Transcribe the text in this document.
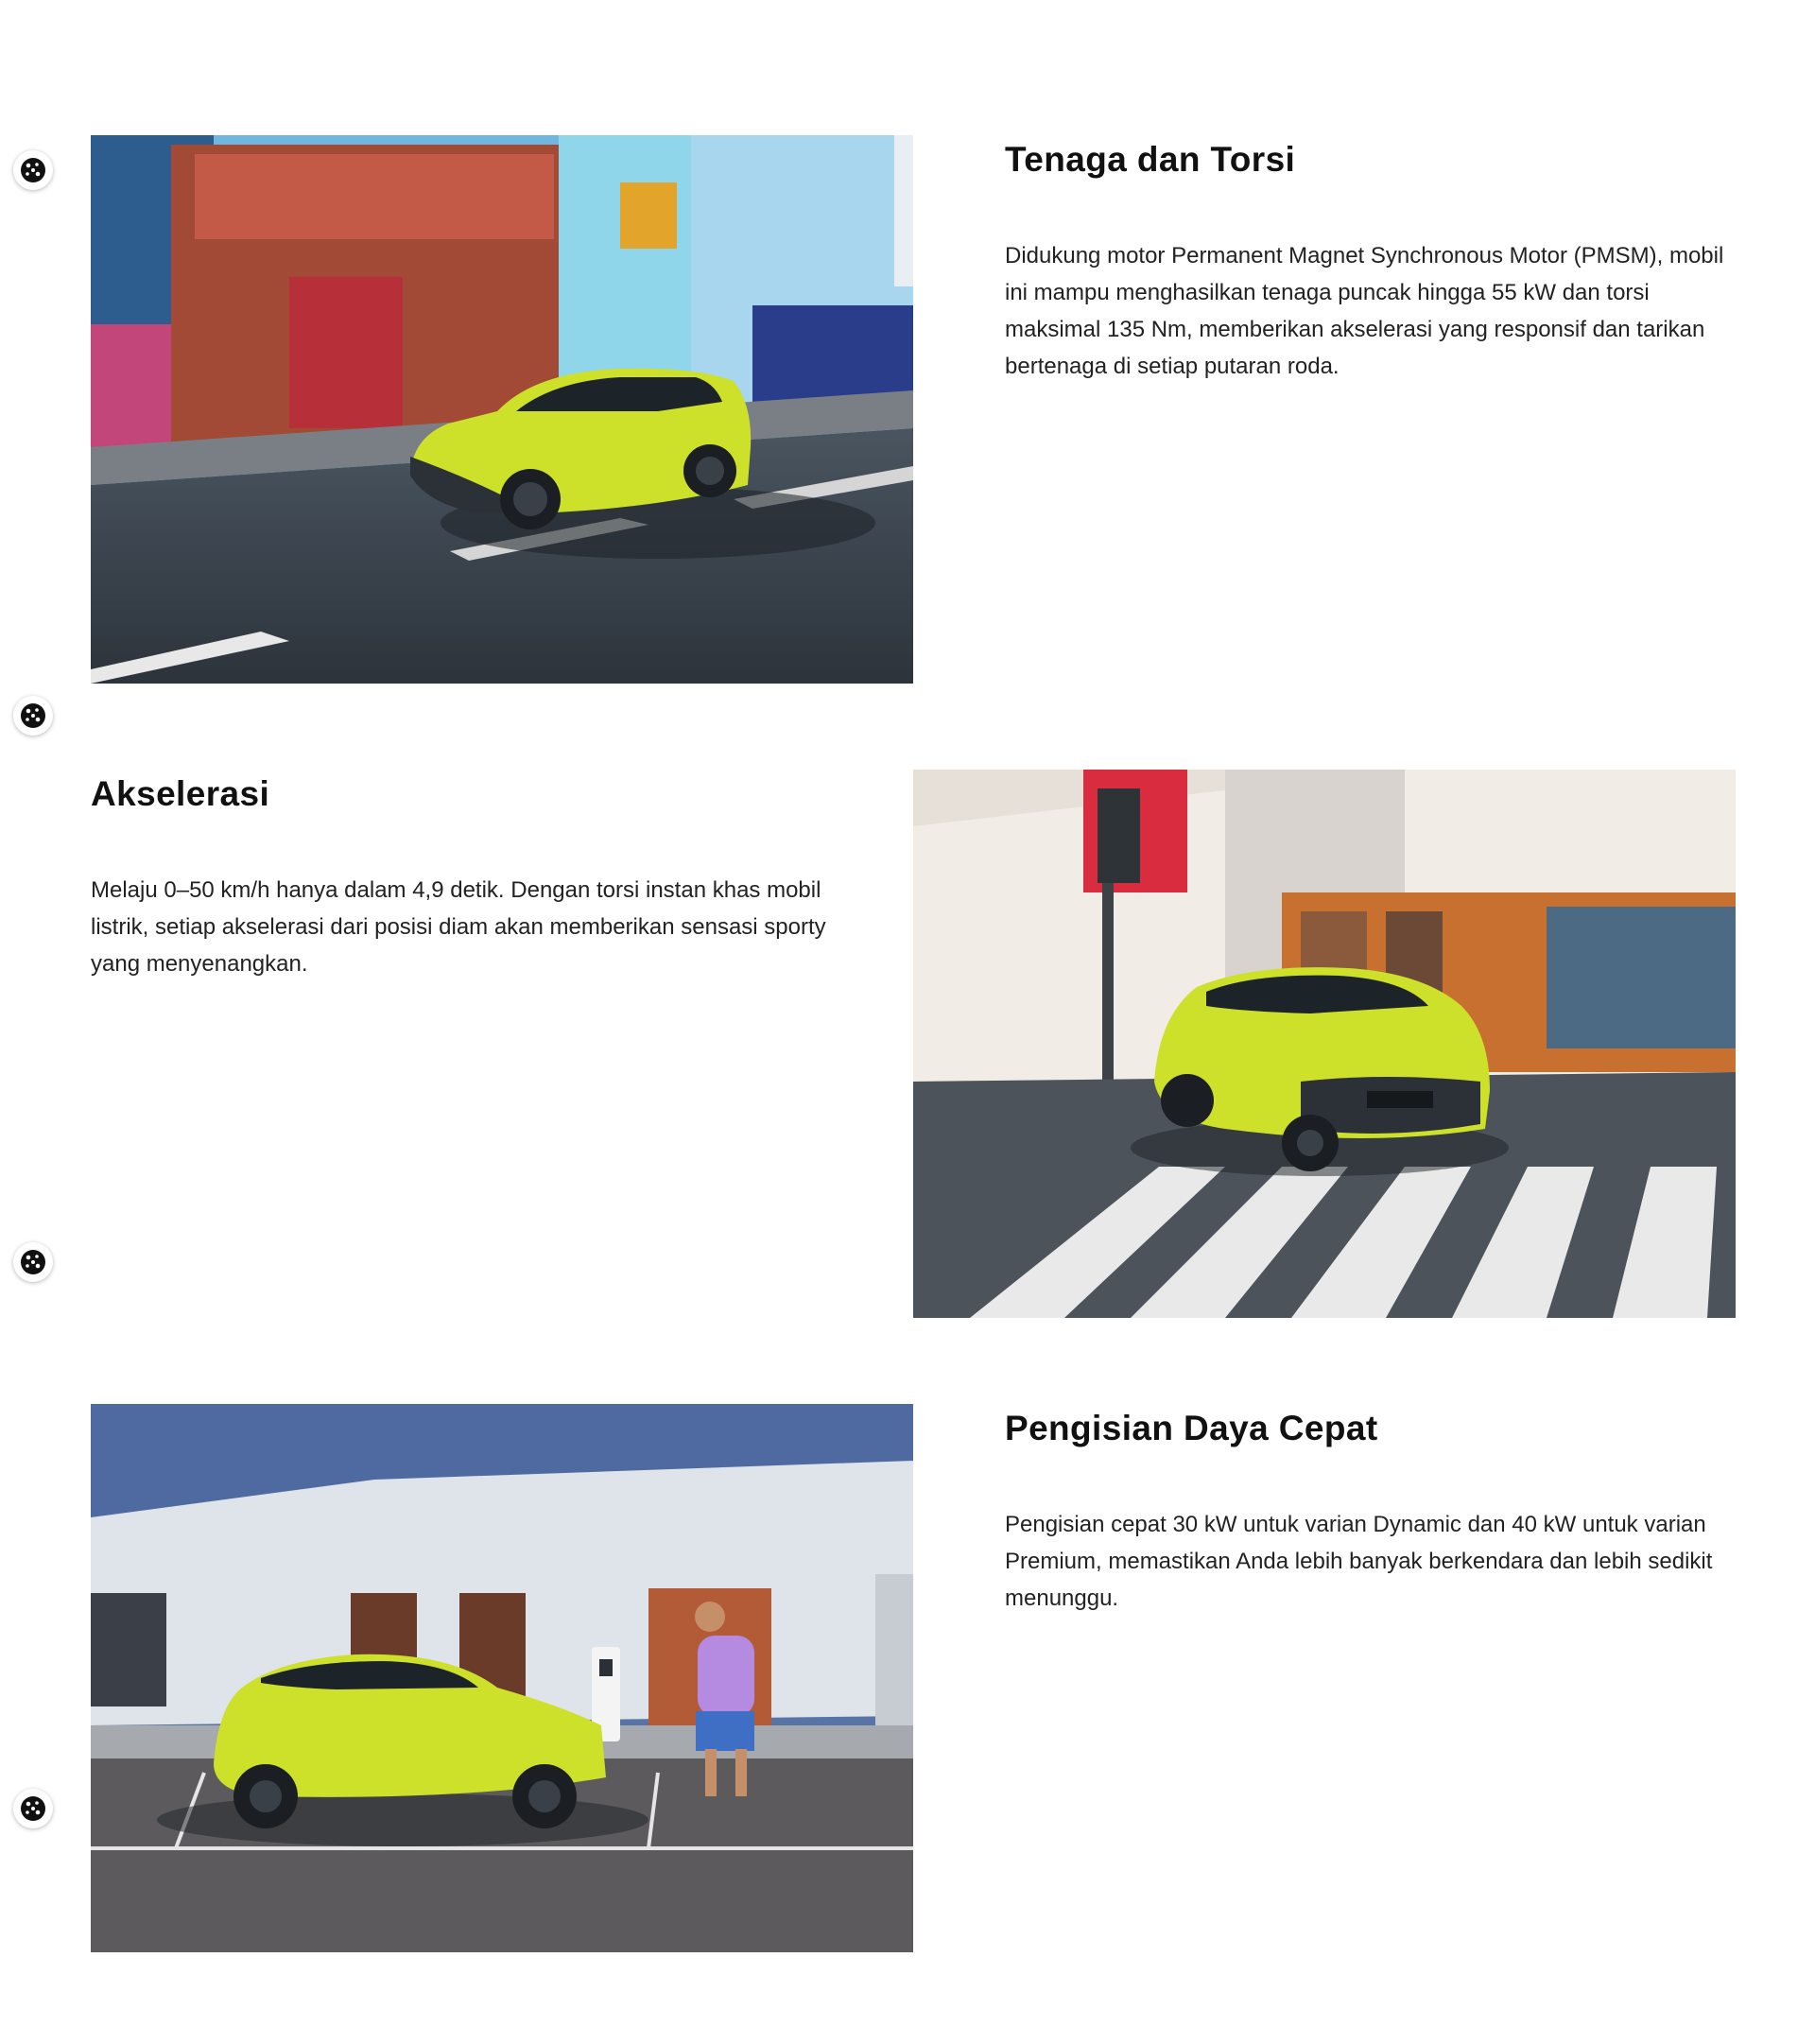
Tenaga dan Torsi

Didukung motor Permanent Magnet Synchronous Motor (PMSM), mobil ini mampu menghasilkan tenaga puncak hingga 55 kW dan torsi maksimal 135 Nm, memberikan akselerasi yang responsif dan tarikan bertenaga di setiap putaran roda.

Akselerasi

Melaju 0–50 km/h hanya dalam 4,9 detik. Dengan torsi instan khas mobil listrik, setiap akselerasi dari posisi diam akan memberikan sensasi sporty yang menyenangkan.

Pengisian Daya Cepat

Pengisian cepat 30 kW untuk varian Dynamic dan 40 kW untuk varian Premium, memastikan Anda lebih banyak berkendara dan lebih sedikit menunggu.
